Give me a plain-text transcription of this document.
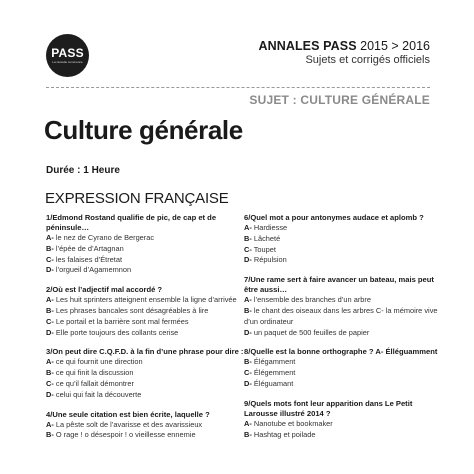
PASS
La réussite commence
ANNALES PASS 2015 > 2016
Sujets et corrigés officiels
SUJET : CULTURE GÉNÉRALE
Culture générale
Durée : 1 Heure
EXPRESSION FRANÇAISE
1/Edmond Rostand qualifie de pic, de cap et de péninsule…
A- le nez de Cyrano de Bergerac
B- l’épée de d’Artagnan
C- les falaises d’Étretat
D- l’orgueil d’Agamemnon
2/Où est l’adjectif mal accordé ?
A- Les huit sprinters atteignent ensemble la ligne d’arrivée
B- Les phrases bancales sont désagréables à lire
C- Le portail et la barrière sont mal fermées
D- Elle porte toujours des collants cerise
3/On peut dire C.Q.F.D. à la fin d’une phrase pour dire :
A- ce qui fournit une direction
B- ce qui finit la discussion
C- ce qu’il fallait démontrer
D- celui qui fait la découverte
4/Une seule citation est bien écrite, laquelle ?
A- La pêste solt de l’avarisse et des avarissieux
B- O rage ! o désespoir ! o vieillesse ennemie
6/Quel mot a pour antonymes audace et aplomb ?
A- Hardiesse
B- Lâcheté
C- Toupet
D- Répulsion
7/Une rame sert à faire avancer un bateau, mais peut être aussi…
A- l’ensemble des branches d’un arbre
B- le chant des oiseaux dans les arbres C- la mémoire vive d’un ordinateur
D- un paquet de 500 feuilles de papier
8/Quelle est la bonne orthographe ? A- Élléguamment
B- Élégamment
C- Élégemment
D- Éléguamant
9/Quels mots font leur apparition dans Le Petit Larousse illustré 2014 ?
A- Nanotube et bookmaker
B- Hashtag et poilade
